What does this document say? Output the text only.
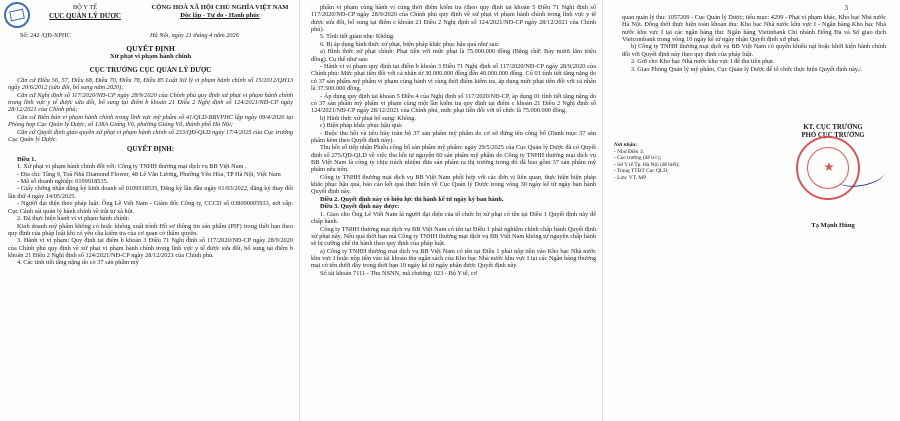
BỘ Y TẾ
CỤC QUẢN LÝ DƯỢC
CỘNG HOÀ XÃ HỘI CHỦ NGHĨA VIỆT NAM
Độc lập - Tự do - Hạnh phúc
Số: 242 /QĐ-XPHC	Hà Nội, ngày 21 tháng 4 năm 2026
QUYẾT ĐỊNH
Xử phạt vi phạm hành chính
CỤC TRƯỞNG CỤC QUẢN LÝ DƯỢC

Căn cứ Điều 56, 57, Điều 68, Điều 70, Điều 78, Điều 85 Luật Xử lý vi phạm hành chính số 15/2012/QH13 ngày 20/6/2012 (sửa đổi, bổ sung năm 2020);

Căn cứ Nghị định số 117/2020/NĐ-CP ngày 28/9/2020 của Chính phủ quy định xử phạt vi phạm hành chính trong lĩnh vực y tế được sửa đổi, bổ sung tại điểm b khoản 21 Điều 2 Nghị định số 124/2021/NĐ-CP ngày 28/12/2021 của Chính phủ;

Căn cứ Biên bản vi phạm hành chính trong lĩnh vực mỹ phẩm số 41/QLD-BBVPHC lập ngày 09/4/2026 tại Phòng họp Cục Quản lý Dược, số 138A Giảng Võ, phường Giảng Võ, thành phố Hà Nội;

Căn cứ Quyết định giao quyền xử phạt vi phạm hành chính số 233/QĐ-QLD ngày 17/4/2025 của Cục trưởng Cục Quản lý Dược.

QUYẾT ĐỊNH:

Điều 1.

1. Xử phạt vi phạm hành chính đối với: Công ty TNHH thương mại dịch vụ BB Việt Nam .

- Địa chỉ: Tầng 9, Toà Nhà Diamond Flower, 48 Lê Văn Lương, Phường Yên Hòa, TP Hà Nội, Việt Nam

- Mã số doanh nghiệp: 0109918535.

- Giấy chứng nhận đăng ký kinh doanh số 0109918535, Đăng ký lần đầu ngày 01/03/2022, đăng ký thay đổi lần thứ 4 ngày 14/05/2025.

- Người đại diện theo pháp luật: Ông Lê Viết Nam - Giám đốc Công ty, CCCD số 038090005933, nơi cấp: Cục Cảnh sát quản lý hành chính về trật tự xã hội.

2. Đã thực hiện hành vi vi phạm hành chính:

Kinh doanh mỹ phẩm không có hoặc không xuất trình Hồ sơ thông tin sản phẩm (PIF) trong thời hạn theo quy định của pháp luật khi có yêu cầu kiểm tra của cơ quan có thẩm quyền.

3. Hành vi vi phạm: Quy định tại điểm b khoản 3 Điều 71 Nghị định số 117/2020/NĐ-CP ngày 28/9/2020 của Chính phủ quy định về xử phạt vi phạm hành chính trong lĩnh vực y tế được sửa đổi, bổ sung tại điểm b khoản 21 Điều 2 Nghị định số 124/2021/NĐ-CP ngày 28/12/2021 của Chính phủ.

4. Các tình tiết tăng nặng do có 37 sản phẩm mỹ

phẩm vi phạm cùng hành vi cùng thời điểm kiểm tra (theo quy định tại khoản 5 Điều 71 Nghị định số 117/2020/NĐ-CP ngày 28/9/2020 của Chính phủ quy định về xử phạt vi phạm hành chính trong lĩnh vực y tế được sửa đổi, bổ sung tại điểm c khoản 21 Điều 2 Nghị định số 124/2021/NĐ-CP ngày 28/12/2021 của Chính phủ).

5. Tình tiết giảm nhẹ: Không.

6. Bị áp dụng hình thức xử phạt, biện pháp khắc phục hậu quả như sau:

a) Hình thức xử phạt chính: Phạt tiền với mức phạt là 75.000.000 đồng (Bằng chữ: Bảy mươi lăm triệu đồng). Cụ thể như sau:

- Hành vi vi phạm quy định tại điểm b khoản 3 Điều 71 Nghị định số 117/2020/NĐ-CP ngày 28/9/2020 của Chính phủ: Mức phạt tiền đối với cá nhân từ 30.000.000 đồng đến 40.000.000 đồng. Có 01 tình tiết tăng nặng do có 37 sản phẩm mỹ phẩm vi phạm cùng hành vi cùng thời điểm kiểm tra, áp dụng mức phạt tiền đối với cá nhân là 37.500.000 đồng.

- Áp dụng quy định tại khoản 5 Điều 4 của Nghị định số 117/2020/NĐ-CP, áp dụng 01 tình tiết tăng nặng do có 37 sản phẩm mỹ phẩm vi phạm cùng một lần kiểm tra quy định tại điểm c khoản 21 Điều 2 Nghị định số 124/2021/NĐ-CP ngày 28/12/2021 của Chính phủ, mức phạt tiền đối với tổ chức là 75.000.000 đồng.

b) Hình thức xử phạt bổ sung: Không.

c) Biện pháp khắc phục hậu quả:

- Buộc thu hồi và tiêu hủy toàn bộ 37 sản phẩm mỹ phẩm do cơ sở đứng tên công bố (Danh mục 37 sản phẩm kèm theo Quyết định này).

Thu hồi số tiếp nhận Phiếu công bố sản phẩm mỹ phẩm: ngày 29/5/2025 của Cục Quản lý Dược đã có Quyết định số 275/QĐ-QLD về việc thu hồi tự nguyện 60 sản phẩm mỹ phẩm do Công ty TNHH thương mại dịch vụ BB Việt Nam là công ty chịu trách nhiệm đưa sản phẩm ra thị trường trong đó đã bao gồm 37 sản phẩm mỹ phẩm nêu trên.

Công ty TNHH thương mại dịch vụ BB Việt Nam phối hợp với các đơn vị liên quan, thực hiện biện pháp khắc phục hậu quả, báo cáo kết quả thực hiện về Cục Quản lý Dược trong vòng 30 ngày kể từ ngày ban hành Quyết định này.

Điều 2. Quyết định này có hiệu lực thi hành kể từ ngày ký ban hành.

Điều 3. Quyết định này được:

1. Giao cho Ông Lê Viết Nam là người đại diện của tổ chức bị xử phạt có tên tại Điều 1 Quyết định này để chấp hành.

Công ty TNHH thương mại dịch vụ BB Việt Nam có tên tại Điều 1 phải nghiêm chỉnh chấp hành Quyết định xử phạt này. Nếu quá thời hạn mà Công ty TNHH thương mại dịch vụ BB Việt Nam không tự nguyện chấp hành sẽ bị cưỡng chế thi hành theo quy định của pháp luật.

a) Công ty TNHH thương mại dịch vụ BB Việt Nam có tên tại Điều 1 phải nộp tiền vào Kho bạc Nhà nước khu vực I hoặc nộp tiền vào tài khoản thu ngân sách của Kho bạc Nhà nước khu vực I tại các Ngân hàng thương mại có tên dưới đây trong thời hạn 10 ngày kể từ ngày nhận được Quyết định này.

Số tài khoản 7111 - Thu NSNN, mã chương: 023 - Bộ Y tế, cơ

3

quan quản lý thu: 1057209 - Cục Quản lý Dược; tiểu mục: 4299 - Phạt vi phạm khác, Kho bạc Nhà nước Hà Nội. Đồng thời thực hiện toàn khoản thu: Kho bạc Nhà nước khu vực I - Ngân hàng Kho bạc Nhà nước khu vực I tại các ngân hàng thu: Ngân hàng Vietinbank Chi nhánh Đống Đa và Sở giao dịch Vietcombank trong vòng 10 ngày kể từ ngày nhận Quyết định xử phạt.

b) Công ty TNHH thương mại dịch vụ BB Việt Nam có quyền khiếu nại hoặc khởi kiện hành chính đối với Quyết định này theo quy định của pháp luật.

2. Gửi cho Kho bạc Nhà nước khu vực I để thu tiền phạt.

3. Giao Phòng Quản lý mỹ phẩm, Cục Quản lý Dược để tổ chức thực hiện Quyết định này./.

Nơi nhận:
- Như Điều 3;
- Cục trưởng (để b/c);
- Sở Y tế Tp. Hà Nội (để biết);
- Trang TTĐT Cục QLD;
- Lưu: VT, MP.
KT. CỤC TRƯỞNG
PHÓ CỤC TRƯỞNG
Tạ Mạnh Hùng
